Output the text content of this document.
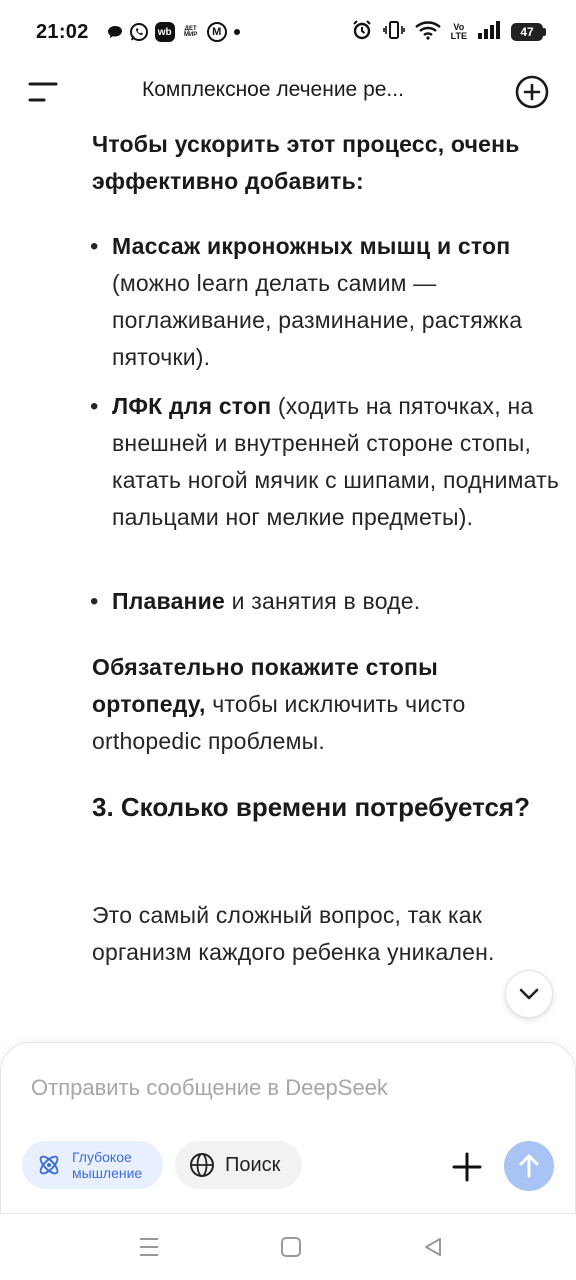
21:02	wb	ДЕТ МИР	M	Vo
LTE	47
Комплексное лечение ре...
Чтобы ускорить этот процесс, очень эффективно добавить:
• Массаж икроножных мышц и стоп (можно learn делать самим — поглаживание, разминание, растяжка пяточки).
• ЛФК для стоп (ходить на пяточках, на внешней и внутренней стороне стопы, катать ногой мячик с шипами, поднимать пальцами ног мелкие предметы).
• Плавание и занятия в воде.
Обязательно покажите стопы ортопеду, чтобы исключить чисто orthopedic проблемы.
3. Сколько времени потребуется?
Это самый сложный вопрос, так как организм каждого ребенка уникален.
Отправить сообщение в DeepSeek
Глубокое
мышление	Поиск
